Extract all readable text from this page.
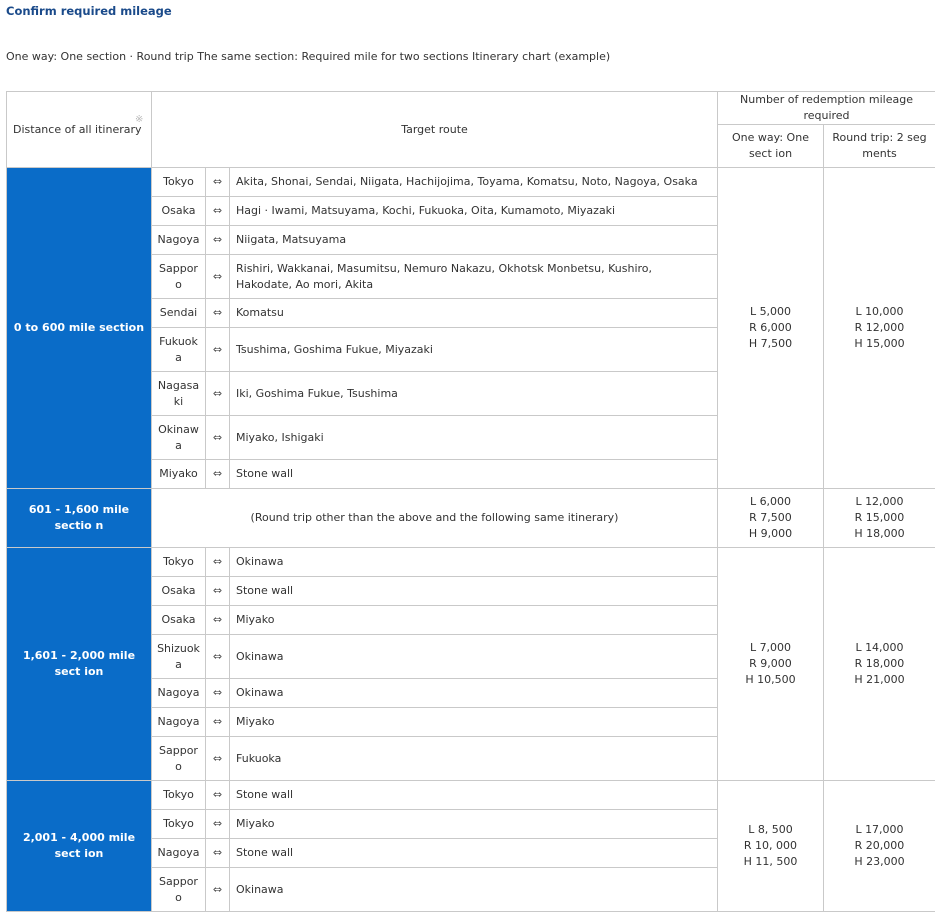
Confirm required mileage
One way: One section · Round trip The same section: Required mile for two sections Itinerary chart (example)
Distance of all itinerary
※	Target route			Number of redemption mileage required	
				One way: One sect ion	Round trip: 2 seg ments
0 to 600 mile section	Tokyo	⇔	Akita, Shonai, Sendai, Niigata, Hachijojima, Toyama, Komatsu, Noto, Nagoya, Osaka	L 5,000
R 6,000
H 7,500	L 10,000
R 12,000
H 15,000

	Osaka	⇔	Hagi · Iwami, Matsuyama, Kochi, Fukuoka, Oita, Kumamoto, Miyazaki		
	Nagoya	⇔	Niigata, Matsuyama		
	Sappor o	⇔	Rishiri, Wakkanai, Masumitsu, Nemuro Nakazu, Okhotsk Monbetsu, Kushiro, Hakodate, Ao mori, Akita		
	Sendai	⇔	Komatsu		
	Fukuok a	⇔	Tsushima, Goshima Fukue, Miyazaki		
	Nagasa ki	⇔	Iki, Goshima Fukue, Tsushima		
	Okinaw a	⇔	Miyako, Ishigaki		
	Miyako	⇔	Stone wall		
601 - 1,600 mile sectio n	(Round trip other than the above and the following same itinerary)			L 6,000
R 7,500
H 9,000	L 12,000
R 15,000
H 18,000

1,601 - 2,000 mile sect ion	Tokyo	⇔	Okinawa	L 7,000
R 9,000
H 10,500	L 14,000
R 18,000
H 21,000

	Osaka	⇔	Stone wall		
	Osaka	⇔	Miyako		
	Shizuok a	⇔	Okinawa		
	Nagoya	⇔	Okinawa		
	Nagoya	⇔	Miyako		
	Sappor o	⇔	Fukuoka		
2,001 - 4,000 mile sect ion	Tokyo	⇔	Stone wall	L 8, 500
R 10, 000
H 11, 500	L 17,000
R 20,000
H 23,000

	Tokyo	⇔	Miyako		
	Nagoya	⇔	Stone wall		
	Sappor o	⇔	Okinawa		
